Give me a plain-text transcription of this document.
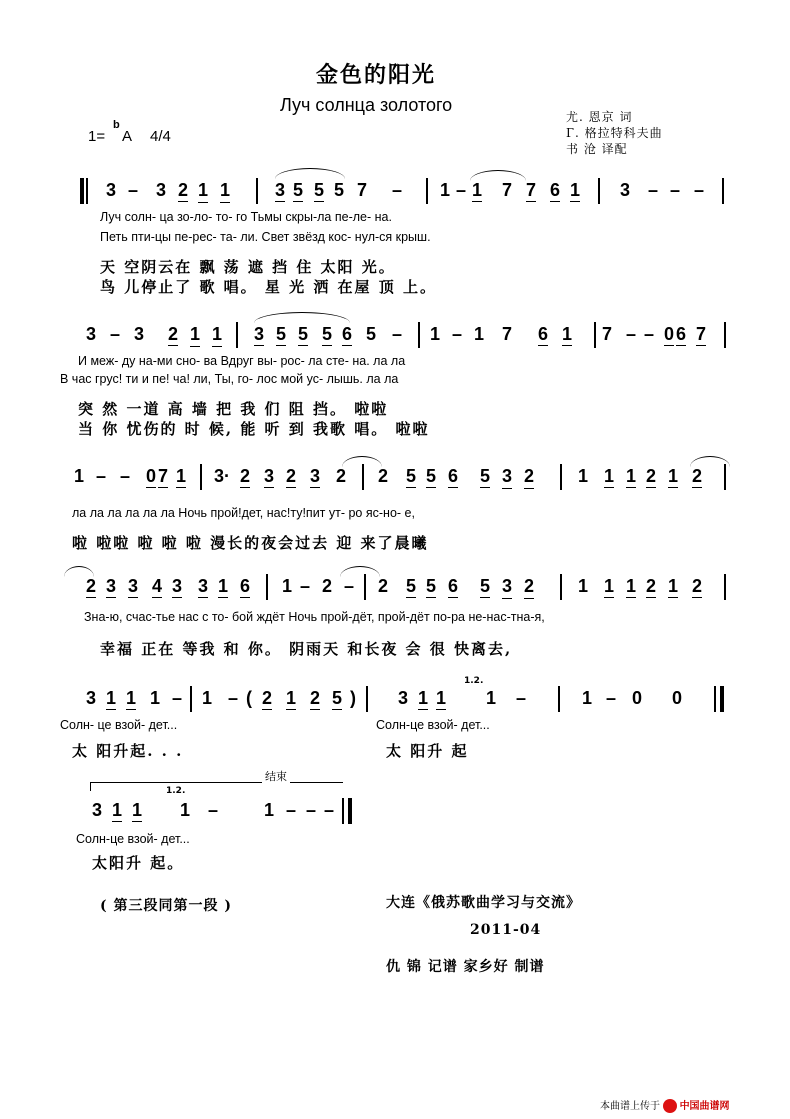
金色的阳光
Луч солнца золотого
1=
b
A 4/4
尤. 恩京 词
Г. 格拉特科夫曲
书 沧 译配
3 – 3 2 1 1 3 5 5 5 7 – 1 – 1 7 7 6 1 3 – – –
Луч солн- ца зо-ло- то- го Тьмы скры-ла пе-ле- на.
Петь пти-цы пе-рес- та- ли. Свет звёзд кос- нул-ся крыш.
天 空阴云在 飘 荡 遮 挡 住 太阳 光。
鸟 儿停止了 歌 唱。 星 光 洒 在屋 顶 上。
3 – 3 2 1 1 3 5 5 5 6 5 – 1 – 1 7 6 1 7 – – 0 6 7
И меж- ду на-ми сно- ва Вдруг вы- рос- ла сте- на. ла ла
В час грус! ти и пе! ча! ли, Ты, го- лос мой ус- лышь. ла ла
突 然 一道 高 墙 把 我 们 阻 挡。 啦啦
当 你 忧伤的 时 候, 能 听 到 我歌 唱。 啦啦
1 – – 0 7 1 3· 2 3 2 3 2 2 5 5 6 5 3 2 1 1 1 2 1 2
ла ла ла ла ла ла Ночь прой!дет, нас!ту!пит ут- ро яс-но- е,
啦 啦啦 啦 啦 啦 漫长的夜会过去 迎 来了晨曦
2 3 3 4 3 3 1 6 1 – 2 – 2 5 5 6 5 3 2 1 1 1 2 1 2
Зна-ю, счас-тье нас с то- бой ждёт Ночь прой-дёт, прой-дёт по-ра не-нас-тна-я,
幸福 正在 等我 和 你。 阴雨天 和长夜 会 很 快离去,
3 1 1 1 – 1 – ( 2 1 2 5 ) 3 1 1
1.2.
1 –	1 – 0 0
Солн- це взой- дет...	Солн-це взой- дет...
太 阳升起. . .	太 阳升 起
结束
3 1 1
1.2.
1 –	1 – – –
Солн-це взой- дет...
太阳升 起。
( 第三段同第一段 )	大连《俄苏歌曲学习与交流》
2011-04
仇 锦 记谱 家乡好 制谱
本曲谱上传于 中国曲谱网
